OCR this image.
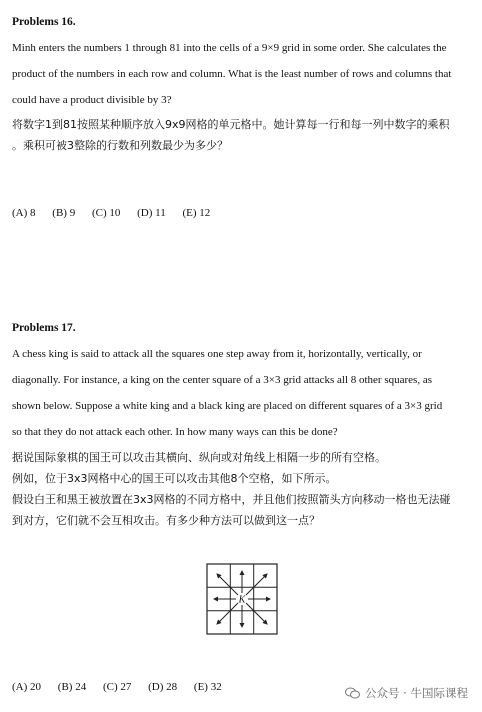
Problems 16.
Minh enters the numbers 1 through 81 into the cells of a 9×9 grid in some order. She calculates the
product of the numbers in each row and column. What is the least number of rows and columns that
could have a product divisible by 3?
将数字1到81按照某种顺序放入9x9网格的单元格中。她计算每一行和每一列中数字的乘积
。乘积可被3整除的行数和列数最少为多少？
(A) 8 (B) 9 (C) 10 (D) 11 (E) 12
Problems 17.
A chess king is said to attack all the squares one step away from it, horizontally, vertically, or
diagonally. For instance, a king on the center square of a 3×3 grid attacks all 8 other squares, as
shown below. Suppose a white king and a black king are placed on different squares of a 3×3 grid
so that they do not attack each other. In how many ways can this be done?
据说国际象棋的国王可以攻击其横向、纵向或对角线上相隔一步的所有空格。
例如，位于3x3网格中心的国王可以攻击其他8个空格，如下所示。
假设白王和黑王被放置在3x3网格的不同方格中，并且他们按照箭头方向移动一格也无法碰
到对方，它们就不会互相攻击。有多少种方法可以做到这一点？
K
(A) 20 (B) 24 (C) 27 (D) 28 (E) 32	公众号 · 牛国际课程
